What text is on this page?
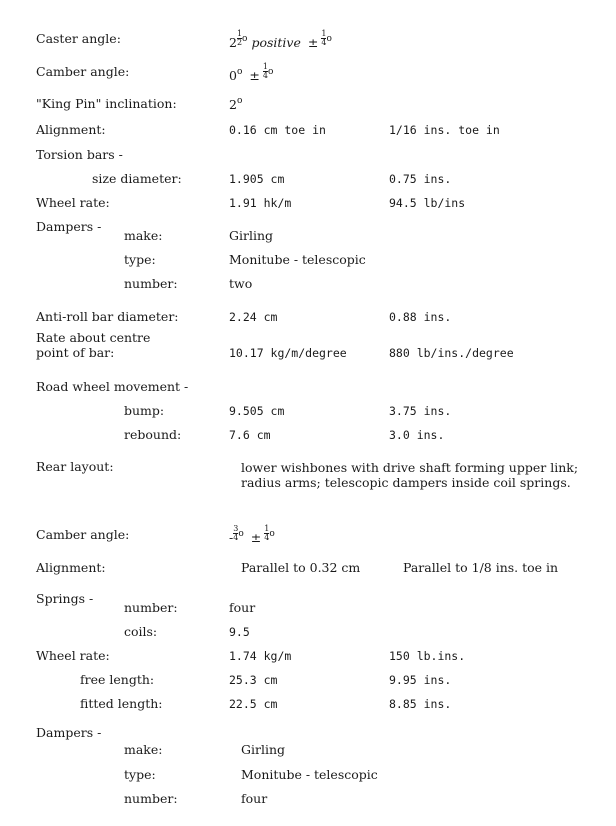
Caster angle:	$2 \frac{1}{2} ^o$ positive ± $\frac{1}{4} ^o$
Camber angle:	$0^o \pm \frac{1}{4} ^o$
"King Pin" inclination:	2$^o$
Alignment:	0.16 cm toe in	1/16 ins. toe in
Torsion bars -
size diameter:	1.905 cm	0.75 ins.
Wheel rate:	1.91 hk/m	94.5 lb/ins
Dampers -
make:	Girling
type:	Monitube - telescopic
number:	two
Anti-roll bar diameter:	2.24 cm	0.88 ins.
Rate about centre
point of bar:	10.17 kg/m/degree	880 lb/ins./degree
Road wheel movement -
bump:	9.505 cm	3.75 ins.
rebound:	7.6 cm	3.0 ins.
Rear layout:	lower wishbones with drive shaft forming upper link; radius arms; telescopic dampers inside coil springs.
Camber angle:	- $\frac{3}{4} ^o \pm \frac{1}{4} ^o$
Alignment:	Parallel to 0.32 cm	Parallel to 1/8 ins. toe in
Springs -
number:	four
coils:	9.5
Wheel rate:	1.74 kg/m	150 lb.ins.
free length:	25.3 cm	9.95 ins.
fitted length:	22.5 cm	8.85 ins.
Dampers -
make:	Girling
type:	Monitube - telescopic
number:	four
